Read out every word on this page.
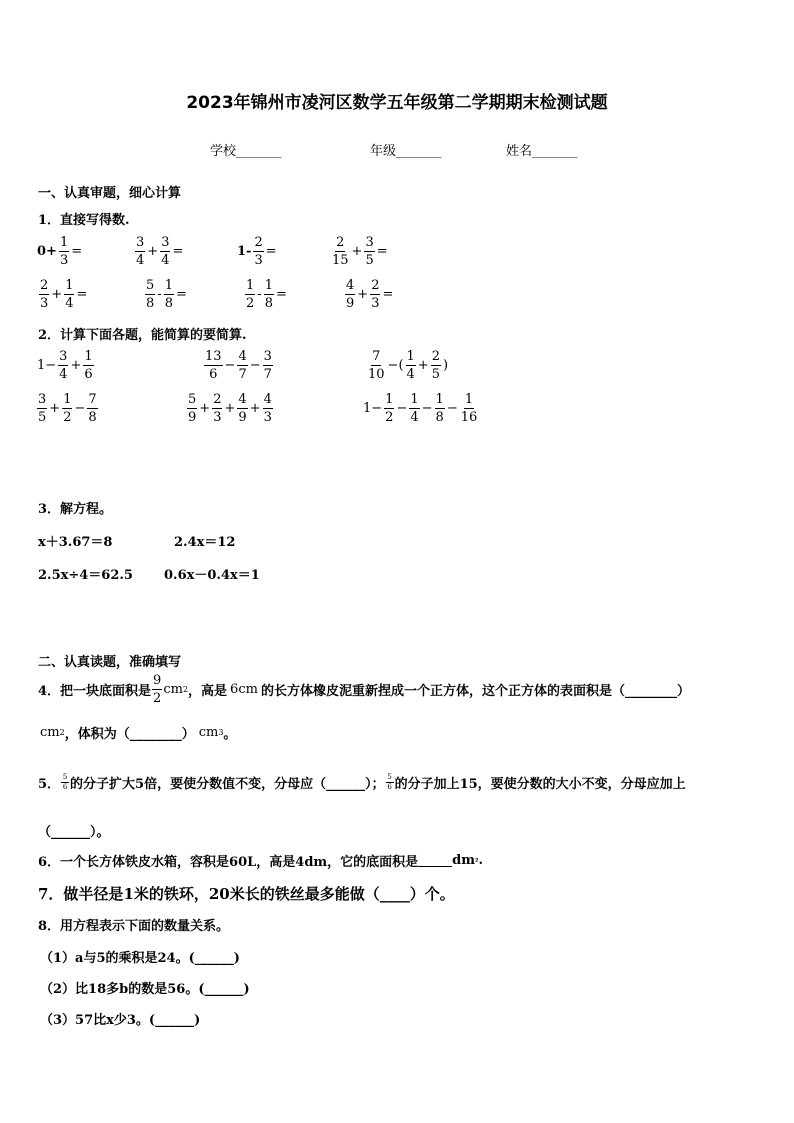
2023年锦州市凌河区数学五年级第二学期期末检测试题
学校_______	年级_______	姓名_______
一、认真审题，细心计算
1．直接写得数.
$0+ \frac{1}{3}$ =	$\frac{3}{4} + \frac{3}{4}$ =	$1- \frac{2}{3}$ =	$\frac{2}{15} + \frac{3}{5}$ =
$\frac{2}{3} + \frac{1}{4}$ =	$\frac{5}{8} - \frac{1}{8}$ =	$\frac{1}{2} - \frac{1}{8}$ =	$\frac{4}{9} + \frac{2}{3}$ =
2．计算下面各题，能简算的要简算.
$1- \frac{3}{4} + \frac{1}{6}$	$\frac{13}{6} - \frac{4}{7} - \frac{3}{7}$	$\frac{7}{10}$ −( $\frac{1}{4} + \frac{2}{5}$ )
$\frac{3}{5} + \frac{1}{2} - \frac{7}{8}$	$\frac{5}{9} + \frac{2}{3} + \frac{4}{9} + \frac{4}{3}$	$1- \frac{1}{2} - \frac{1}{4} - \frac{1}{8} - \frac{1}{16}$
3．解方程。
x＋3.67＝8	2.4x＝12
2.5x÷4＝62.5 0.6x－0.4x＝1
二、认真读题，准确填写
4．把一块底面积是 $\frac{9}{2}$ cm 2 ，高是 6cm 的长方体橡皮泥重新捏成一个正方体，这个正方体的表面积是（________）
cm 2 ，体积为（________） cm 3 。
5． $\frac{5}{6}$ 的分子扩大5倍，要使分数值不变，分母应（______）； $\frac{5}{6}$ 的分子加上15，要使分数的大小不变，分母应加上
（______）。
6．一个长方体铁皮水箱，容积是60L，高是4dm，它的底面积是	dm ² .
7．做半径是1米的铁环，20米长的铁丝最多能做（____）个。
8．用方程表示下面的数量关系。
（1）a与5的乘积是24。(______)
（2）比18多b的数是56。(______)
（3）57比x少3。(______)
